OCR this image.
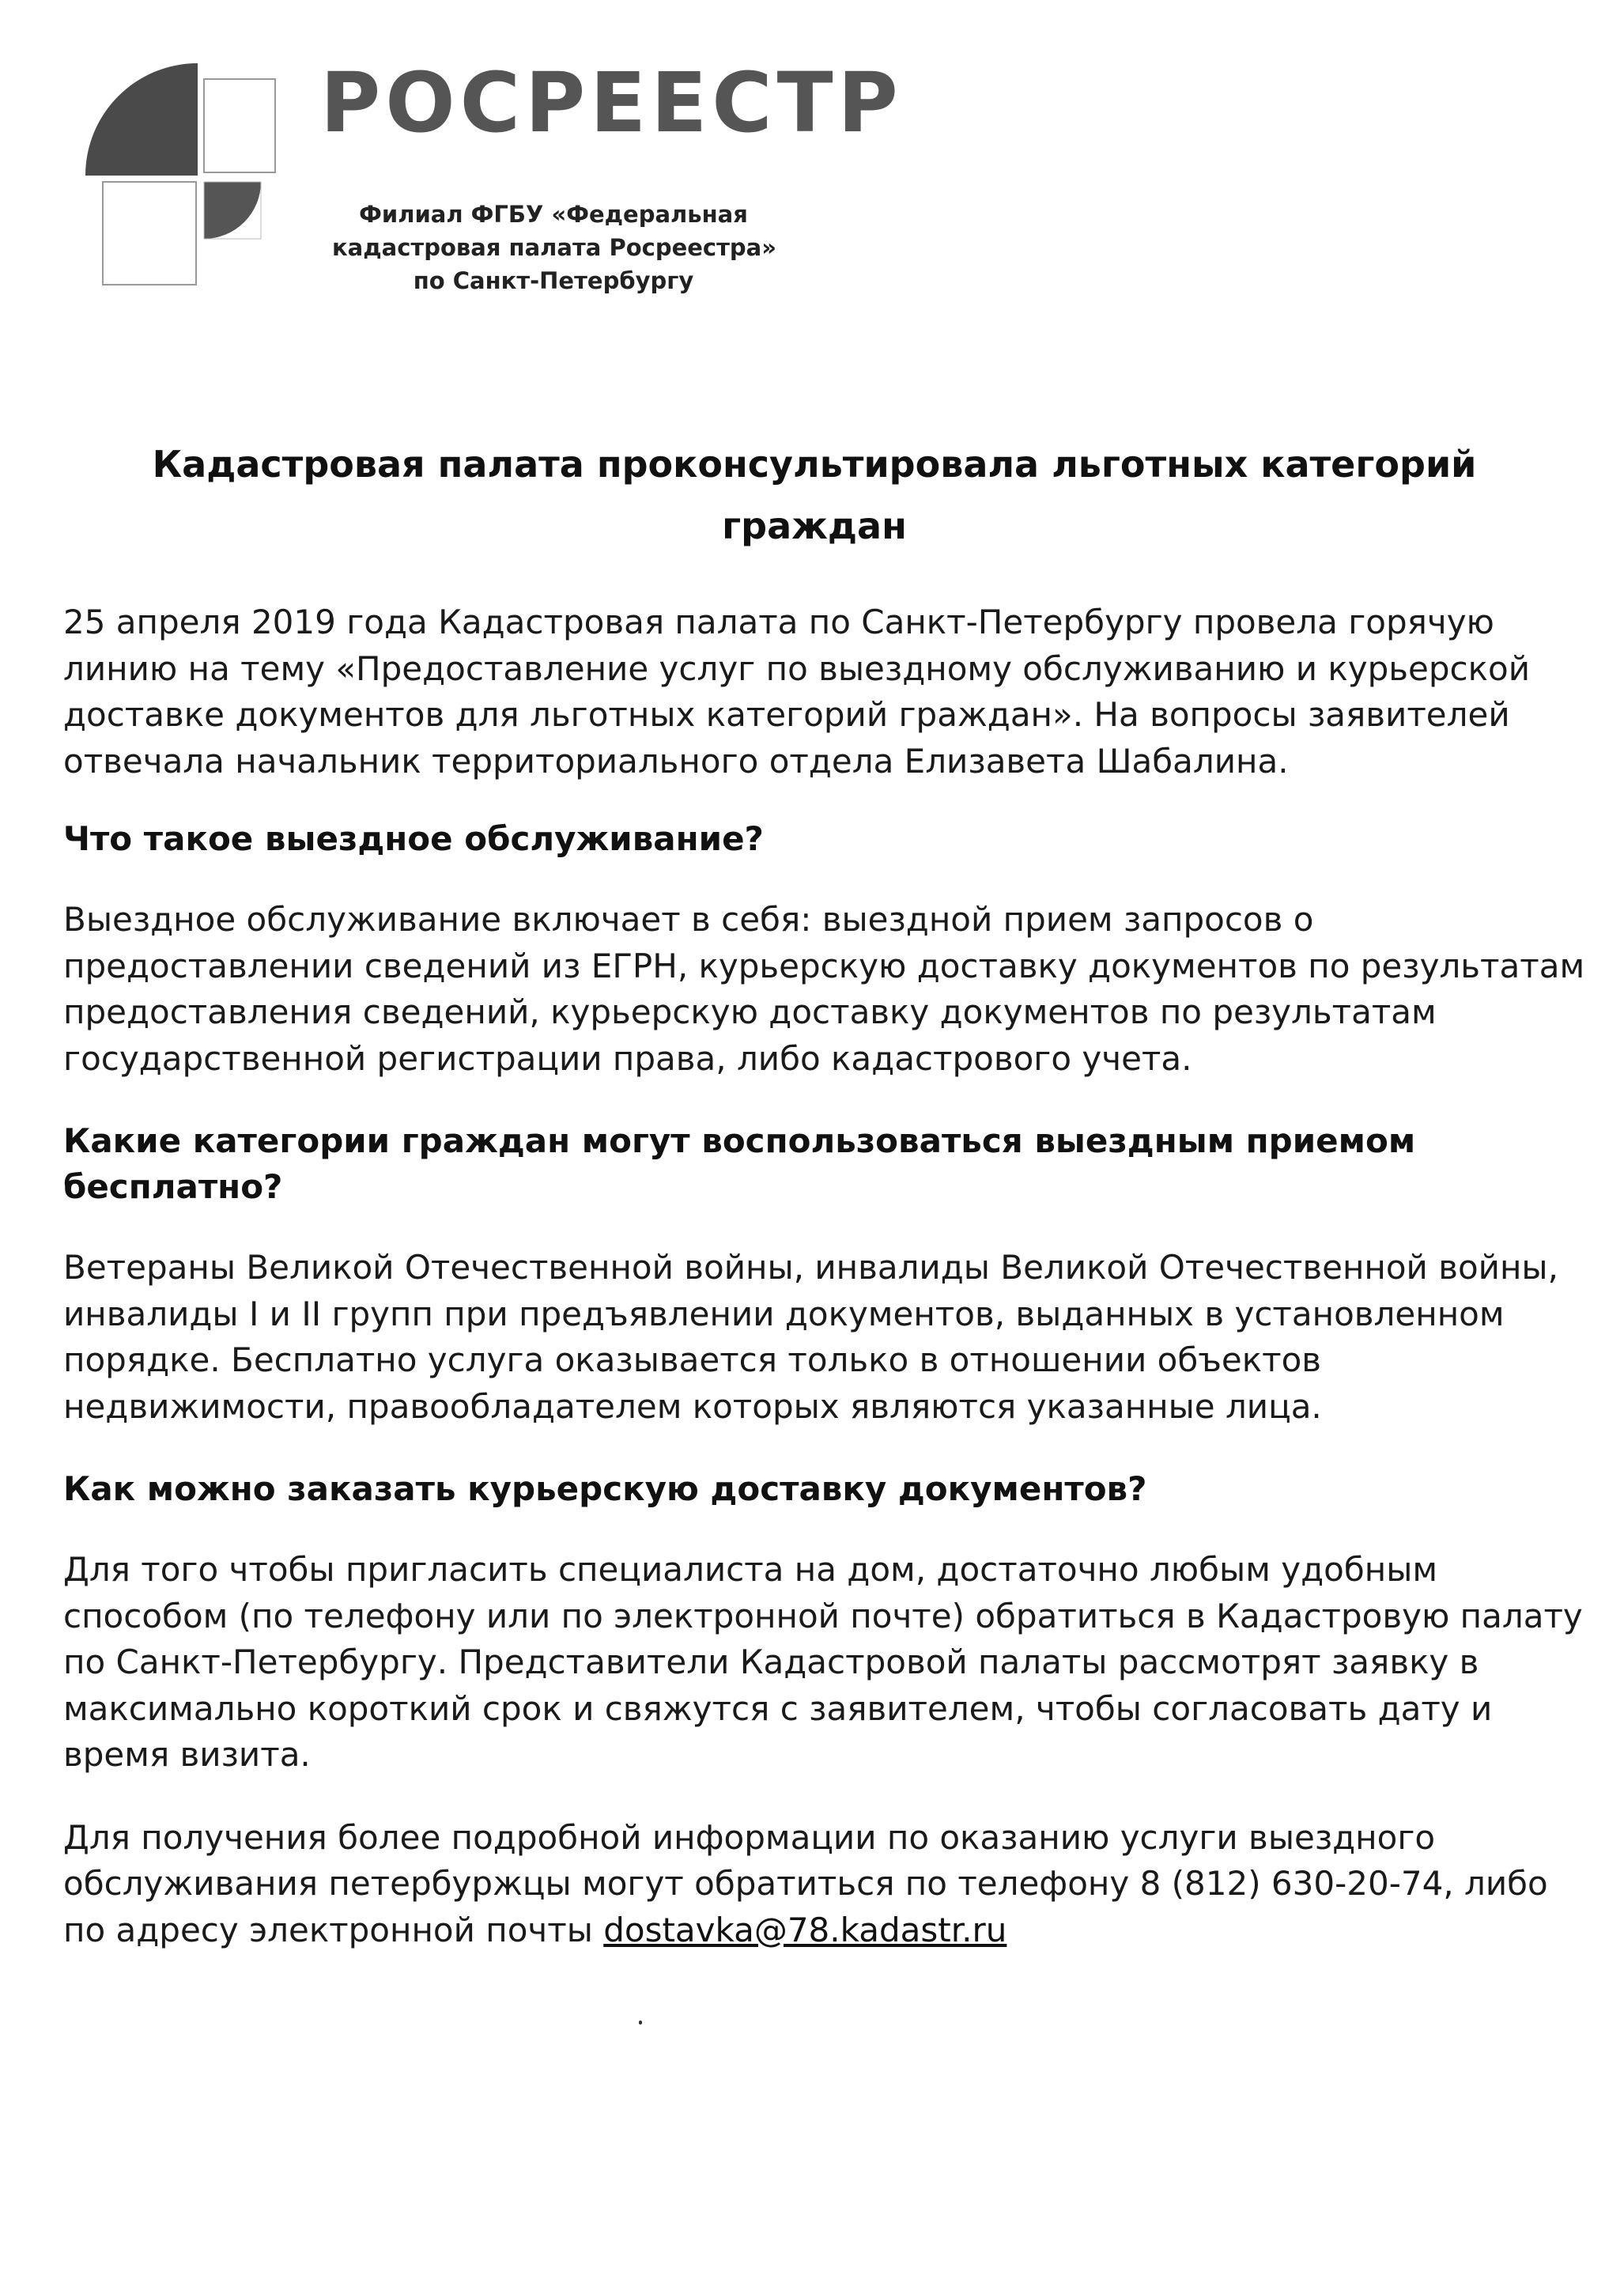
РОСРЕЕСТР
Филиал ФГБУ «Федеральная
кадастровая палата Росреестра»
по Санкт-Петербургу
Кадастровая палата проконсультировала льготных категорий граждан

25 апреля 2019 года Кадастровая палата по Санкт-Петербургу провела горячую линию на тему «Предоставление услуг по выездному обслуживанию и курьерской доставке документов для льготных категорий граждан». На вопросы заявителей отвечала начальник территориального отдела Елизавета Шабалина.

Что такое выездное обслуживание?

Выездное обслуживание включает в себя: выездной прием запросов о предоставлении сведений из ЕГРН, курьерскую доставку документов по результатам предоставления сведений, курьерскую доставку документов по результатам государственной регистрации права, либо кадастрового учета.

Какие категории граждан могут воспользоваться выездным приемом бесплатно?

Ветераны Великой Отечественной войны, инвалиды Великой Отечественной войны, инвалиды I и II групп при предъявлении документов, выданных в установленном порядке. Бесплатно услуга оказывается только в отношении объектов недвижимости, правообладателем которых являются указанные лица.

Как можно заказать курьерскую доставку документов?

Для того чтобы пригласить специалиста на дом, достаточно любым удобным способом (по телефону или по электронной почте) обратиться в Кадастровую палату по Санкт-Петербургу. Представители Кадастровой палаты рассмотрят заявку в максимально короткий срок и свяжутся с заявителем, чтобы согласовать дату и время визита.

Для получения более подробной информации по оказанию услуги выездного обслуживания петербуржцы могут обратиться по телефону 8 (812) 630-20-74, либо по адресу электронной почты dostavka@78.kadastr.ru
